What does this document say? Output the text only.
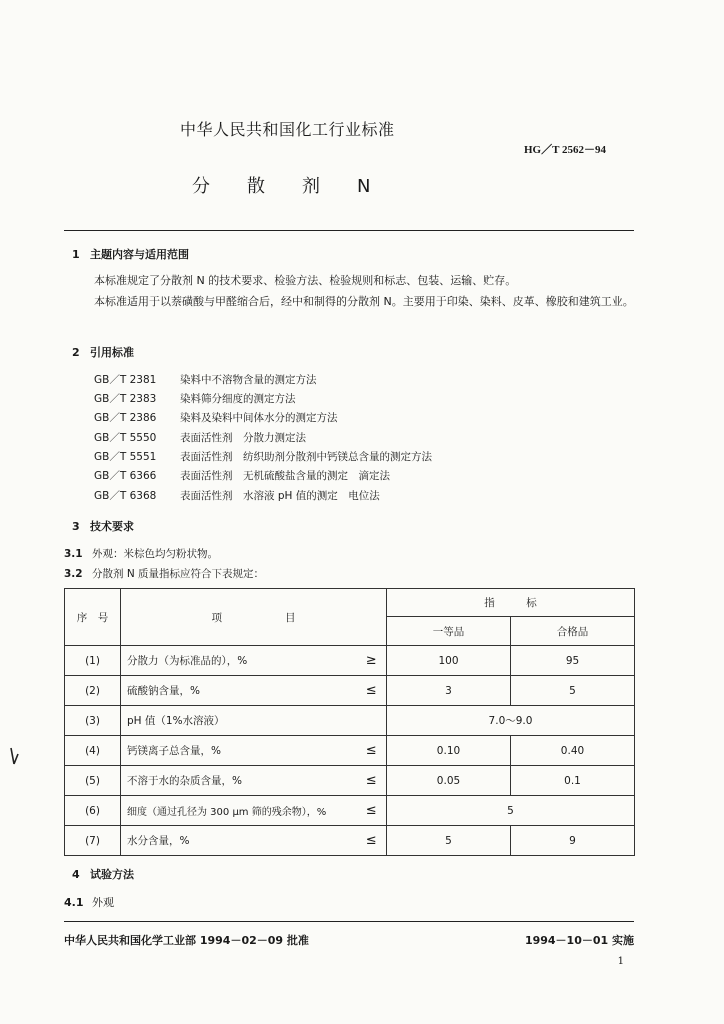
中华人民共和国化工行业标准
HG／T 2562－94
分 散 剂 N
1 主题内容与适用范围

本标准规定了分散剂 N 的技术要求、检验方法、检验规则和标志、包装、运输、贮存。

本标准适用于以萘磺酸与甲醛缩合后，经中和制得的分散剂 N。主要用于印染、染料、皮革、橡胶和建筑工业。

2 引用标准
GB／T 2381 染料中不溶物含量的测定方法
GB／T 2383 染料筛分细度的测定方法
GB／T 2386 染料及染料中间体水分的测定方法
GB／T 5550 表面活性剂　分散力测定法
GB／T 5551 表面活性剂　纺织助剂分散剂中钙镁总含量的测定方法
GB／T 6366 表面活性剂　无机硫酸盐含量的测定　滴定法
GB／T 6368 表面活性剂　水溶液 pH 值的测定　电位法
3 技术要求
3.1 外观：米棕色均匀粉状物。
3.2 分散剂 N 质量指标应符合下表规定：
序　号	项　　　　　　目		指　　　标	
			一等品	合格品
(1)	分散力（为标准品的），%	≥	100	95
(2)	硫酸钠含量，%	≤	3	5
(3)	pH 值（1%水溶液）		7.0～9.0	
(4)	钙镁离子总含量，%	≤	0.10	0.40
(5)	不溶于水的杂质含量，%	≤	0.05	0.1
(6)	细度（通过孔径为 300 μm 筛的残余物），%	≤	5	
(7)	水分含量，%	≤	5	9
4 试验方法
4.1 外观
中华人民共和国化学工业部 1994－02－09 批准	1994－10－01 实施
1
